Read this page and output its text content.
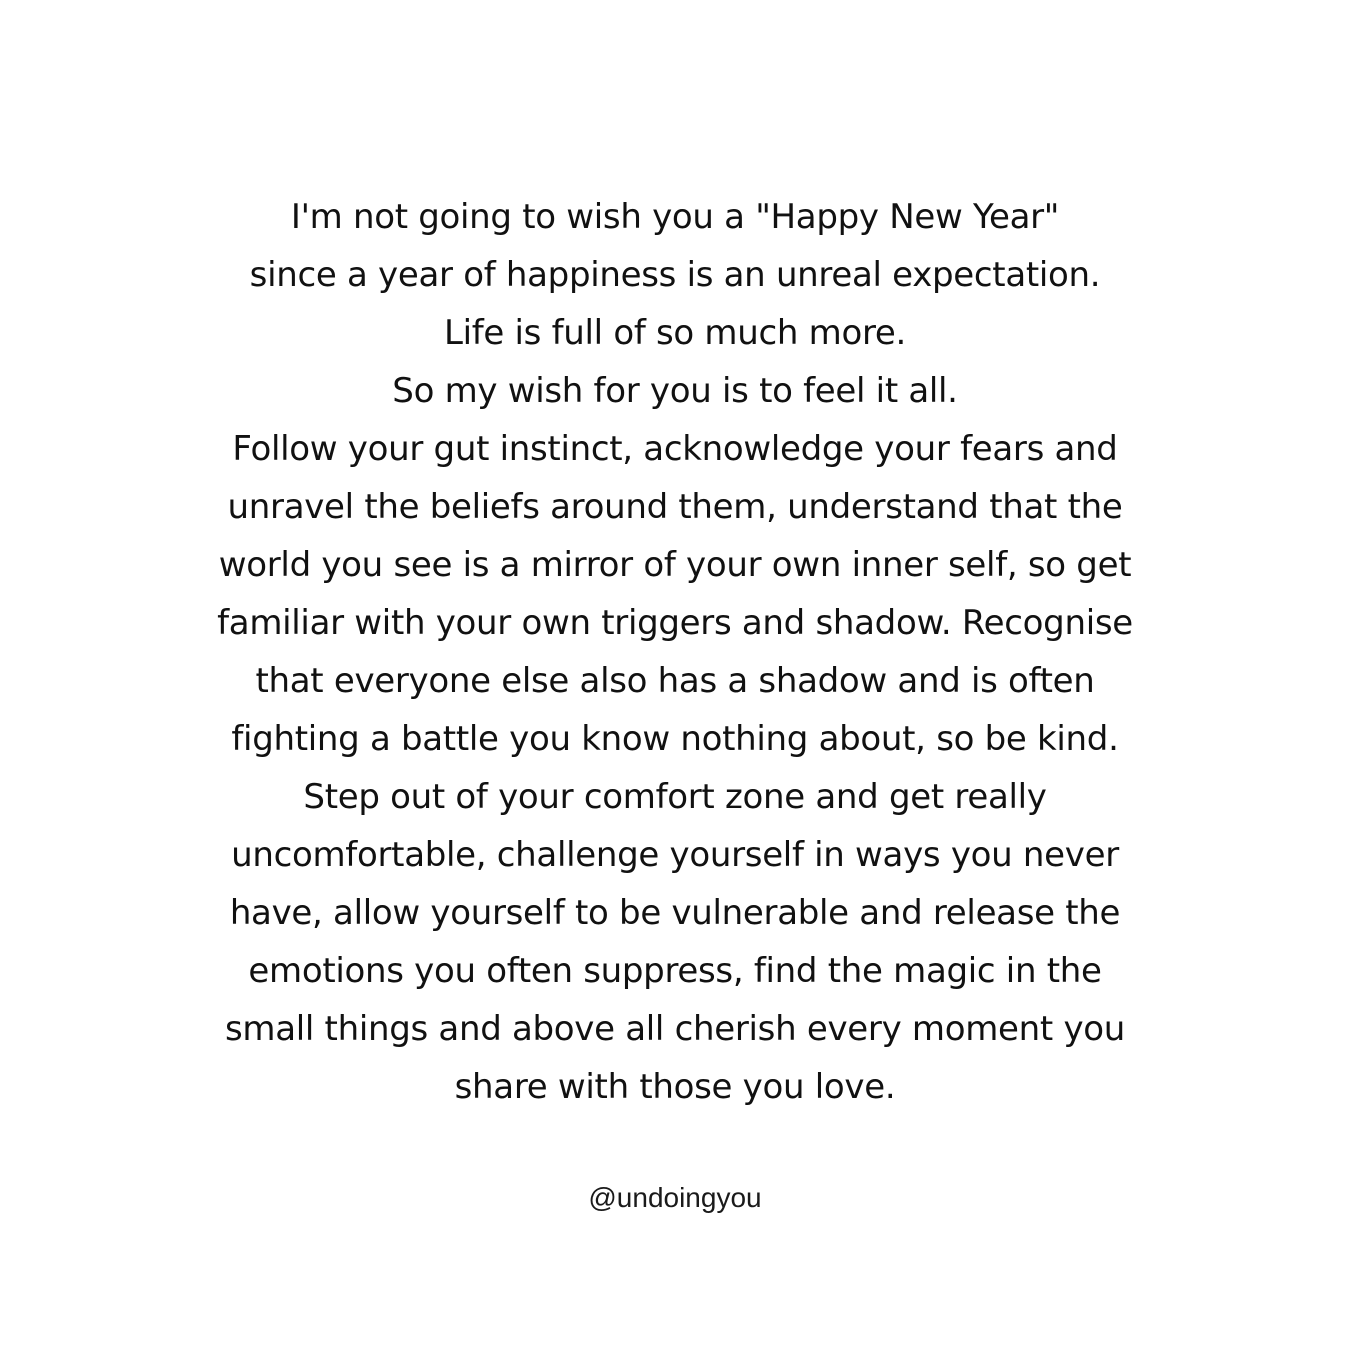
I'm not going to wish you a "Happy New Year"
since a year of happiness is an unreal expectation.
Life is full of so much more.
So my wish for you is to feel it all.
Follow your gut instinct, acknowledge your fears and
unravel the beliefs around them, understand that the
world you see is a mirror of your own inner self, so get
familiar with your own triggers and shadow. Recognise
that everyone else also has a shadow and is often
fighting a battle you know nothing about, so be kind.
Step out of your comfort zone and get really
uncomfortable, challenge yourself in ways you never
have, allow yourself to be vulnerable and release the
emotions you often suppress, find the magic in the
small things and above all cherish every moment you
share with those you love.
@undoingyou
